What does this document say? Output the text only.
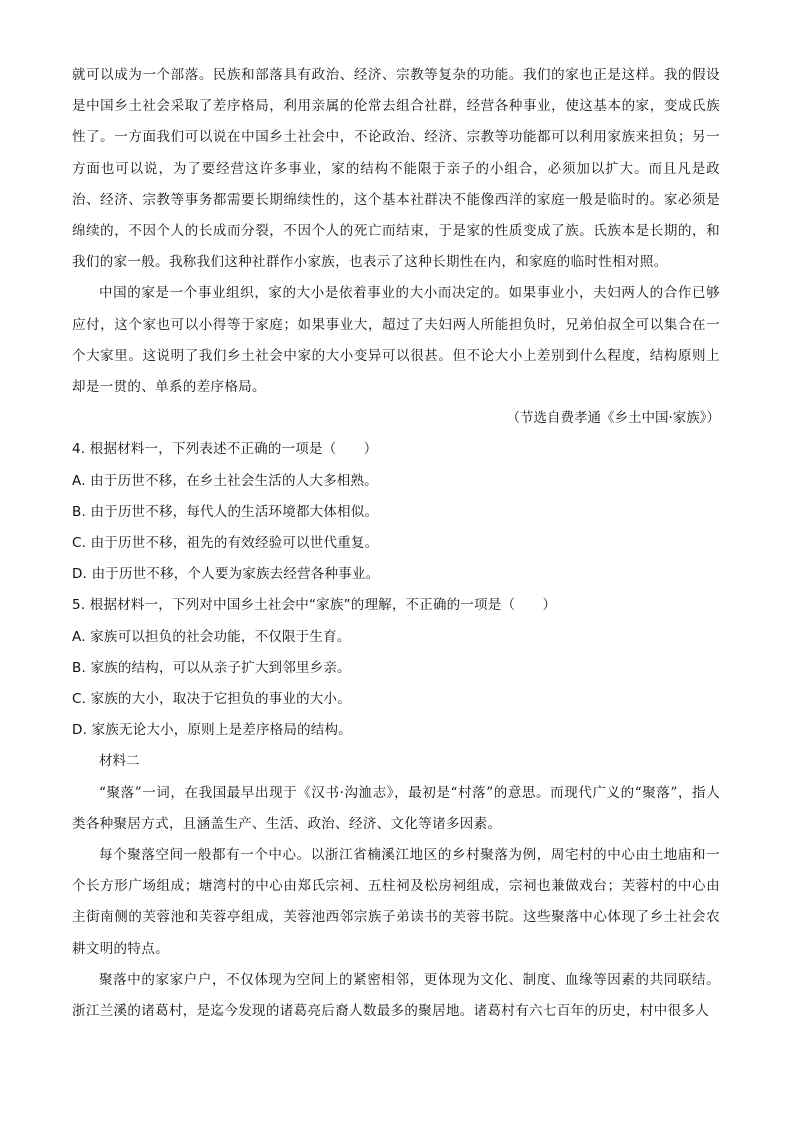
就可以成为一个部落。民族和部落具有政治、经济、宗教等复杂的功能。我们的家也正是这样。我的假设是中国乡土社会采取了差序格局，利用亲属的伦常去组合社群，经营各种事业，使这基本的家，变成氏族性了。一方面我们可以说在中国乡土社会中，不论政治、经济、宗教等功能都可以利用家族来担负；另一方面也可以说，为了要经营这许多事业，家的结构不能限于亲子的小组合，必须加以扩大。而且凡是政治、经济、宗教等事务都需要长期绵续性的，这个基本社群决不能像西洋的家庭一般是临时的。家必须是绵续的，不因个人的长成而分裂，不因个人的死亡而结束，于是家的性质变成了族。氏族本是长期的，和我们的家一般。我称我们这种社群作小家族，也表示了这种长期性在内，和家庭的临时性相对照。

中国的家是一个事业组织，家的大小是依着事业的大小而决定的。如果事业小，夫妇两人的合作已够应付，这个家也可以小得等于家庭；如果事业大，超过了夫妇两人所能担负时，兄弟伯叔全可以集合在一个大家里。这说明了我们乡土社会中家的大小变异可以很甚。但不论大小上差别到什么程度，结构原则上却是一贯的、单系的差序格局。

（节选自费孝通《乡土中国·家族》）

4. 根据材料一，下列表述不正确的一项是（　　）

A. 由于历世不移，在乡土社会生活的人大多相熟。

B. 由于历世不移，每代人的生活环境都大体相似。

C. 由于历世不移，祖先的有效经验可以世代重复。

D. 由于历世不移，个人要为家族去经营各种事业。

5. 根据材料一，下列对中国乡土社会中“家族”的理解，不正确的一项是（　　）

A. 家族可以担负的社会功能，不仅限于生育。

B. 家族的结构，可以从亲子扩大到邻里乡亲。

C. 家族的大小，取决于它担负的事业的大小。

D. 家族无论大小，原则上是差序格局的结构。

材料二

“聚落”一词，在我国最早出现于《汉书·沟洫志》，最初是“村落”的意思。而现代广义的“聚落”，指人类各种聚居方式，且涵盖生产、生活、政治、经济、文化等诸多因素。

每个聚落空间一般都有一个中心。以浙江省楠溪江地区的乡村聚落为例，周宅村的中心由土地庙和一个长方形广场组成；塘湾村的中心由郑氏宗祠、五柱祠及松房祠组成，宗祠也兼做戏台；芙蓉村的中心由主街南侧的芙蓉池和芙蓉亭组成，芙蓉池西邻宗族子弟读书的芙蓉书院。这些聚落中心体现了乡土社会农耕文明的特点。

聚落中的家家户户，不仅体现为空间上的紧密相邻，更体现为文化、制度、血缘等因素的共同联结。浙江兰溪的诸葛村，是迄今发现的诸葛亮后裔人数最多的聚居地。诸葛村有六七百年的历史，村中很多人
